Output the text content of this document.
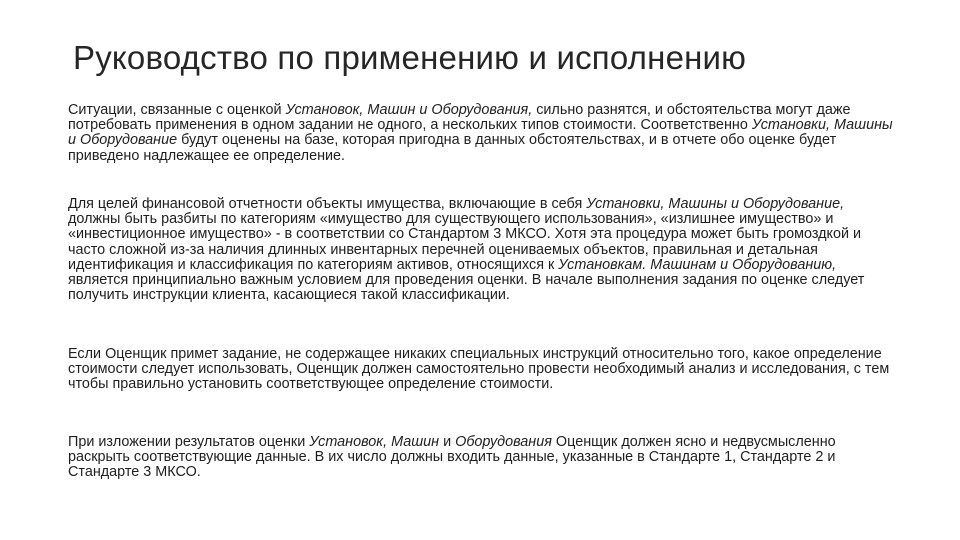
Руководство по применению и исполнению

Ситуации, связанные с оценкой Установок, Машин и Оборудования, сильно разнятся, и обстоятельства могут даже потребовать применения в одном задании не одного, а нескольких типов стоимости. Соответственно Установки, Машины и Оборудование будут оценены на базе, которая пригодна в данных обстоятельствах, и в отчете обо оценке будет приведено надлежащее ее определение.

Для целей финансовой отчетности объекты имущества, включающие в себя Установки, Машины и Оборудование, должны быть разбиты по категориям «имущество для существующего использования», «излишнее имущество» и «инвестиционное имущество» - в соответствии со Стандартом 3 МКСО. Хотя эта процедура может быть громоздкой и часто сложной из-за наличия длинных инвентарных перечней оцениваемых объектов, правильная и детальная идентификация и классификация по категориям активов, относящихся к Установкам. Машинам и Оборудованию, является принципиально важным условием для проведения оценки. В начале выполнения задания по оценке следует получить инструкции клиента, касающиеся такой классификации.

Если Оценщик примет задание, не содержащее никаких специальных инструкций относительно того, какое определение стоимости следует использовать, Оценщик должен самостоятельно провести необходимый анализ и исследования, с тем чтобы правильно установить соответствующее определение стоимости.

При изложении результатов оценки Установок, Машин и Оборудования Оценщик должен ясно и недвусмысленно раскрыть соответствующие данные. В их число должны входить данные, указанные в Стандарте 1, Стандарте 2 и Стандарте 3 МКСО.
